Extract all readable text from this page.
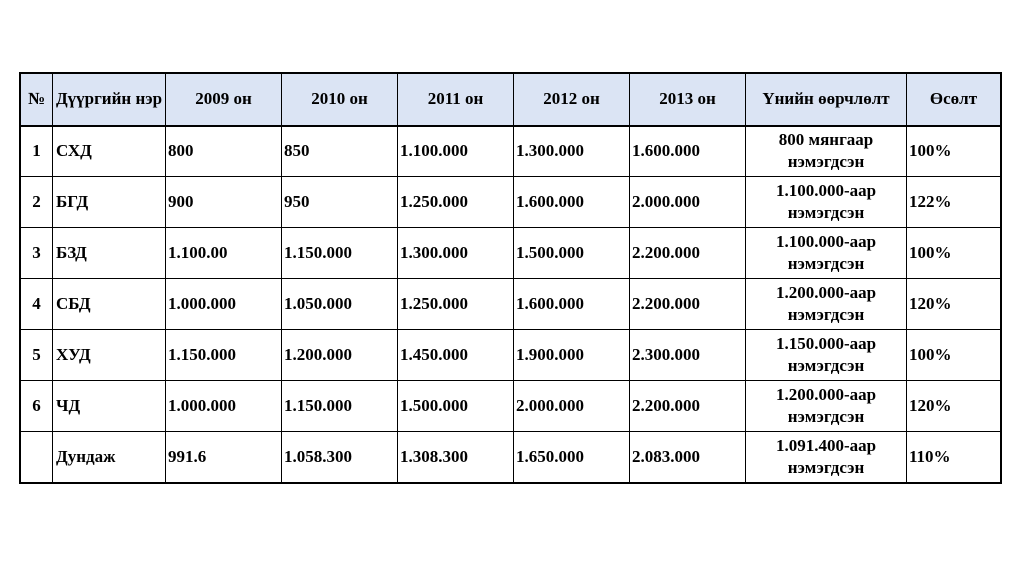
№	Дүүргийн нэр	2009 он	2010 он	2011 он	2012 он	2013 он	Үнийн өөрчлөлт	Өсөлт
1	СХД	800	850	1.100.000	1.300.000	1.600.000	800 мянгаар нэмэгдсэн	100%
2	БГД	900	950	1.250.000	1.600.000	2.000.000	1.100.000-аар нэмэгдсэн	122%
3	БЗД	1.100.00	1.150.000	1.300.000	1.500.000	2.200.000	1.100.000-аар нэмэгдсэн	100%
4	СБД	1.000.000	1.050.000	1.250.000	1.600.000	2.200.000	1.200.000-аар нэмэгдсэн	120%
5	ХУД	1.150.000	1.200.000	1.450.000	1.900.000	2.300.000	1.150.000-аар нэмэгдсэн	100%
6	ЧД	1.000.000	1.150.000	1.500.000	2.000.000	2.200.000	1.200.000-аар нэмэгдсэн	120%
	Дундаж	991.6	1.058.300	1.308.300	1.650.000	2.083.000	1.091.400-аар нэмэгдсэн	110%
